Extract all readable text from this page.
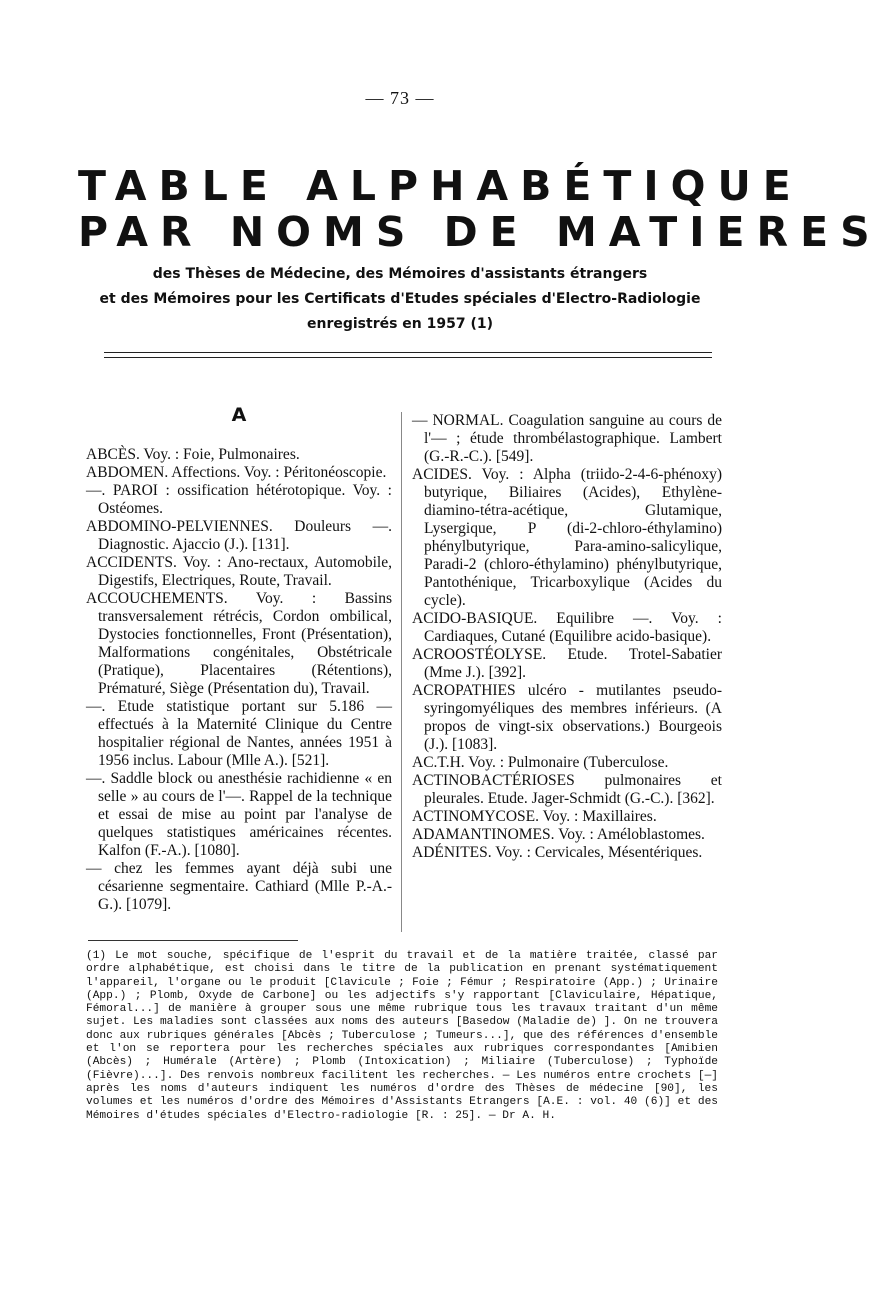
— 73 —
TABLE ALPHABÉTIQUE
PAR NOMS DE MATIERES
des Thèses de Médecine, des Mémoires d'assistants étrangers
et des Mémoires pour les Certificats d'Etudes spéciales d'Electro-Radiologie
enregistrés en 1957 (1)
A

ABCÈS. Voy. : Foie, Pulmonaires.

ABDOMEN. Affections. Voy. : Péritonéoscopie.

—. PAROI : ossification hétérotopique. Voy. : Ostéomes.

ABDOMINO-PELVIENNES. Douleurs —. Diagnostic. Ajaccio (J.). [131].

ACCIDENTS. Voy. : Ano-rectaux, Automobile, Digestifs, Electriques, Route, Travail.

ACCOUCHEMENTS. Voy. : Bassins transversalement rétrécis, Cordon ombilical, Dystocies fonctionnelles, Front (Présentation), Malformations congénitales, Obstétricale (Pratique), Placentaires (Rétentions), Prématuré, Siège (Présentation du), Travail.

—. Etude statistique portant sur 5.186 — effectués à la Maternité Clinique du Centre hospitalier régional de Nantes, années 1951 à 1956 inclus. Labour (Mlle A.). [521].

—. Saddle block ou anesthésie rachidienne « en selle » au cours de l'—. Rappel de la technique et essai de mise au point par l'analyse de quelques statistiques américaines récentes. Kalfon (F.-A.). [1080].

— chez les femmes ayant déjà subi une césarienne segmentaire. Cathiard (Mlle P.-A.-G.). [1079].

— NORMAL. Coagulation sanguine au cours de l'— ; étude thrombélastographique. Lambert (G.-R.-C.). [549].

ACIDES. Voy. : Alpha (triido-2-4-6-phénoxy) butyrique, Biliaires (Acides), Ethylène-diamino-tétra-acétique, Glutamique, Lysergique, P (di-2-chloro-éthylamino) phénylbutyrique, Para-amino-salicylique, Paradi-2 (chloro-éthylamino) phénylbutyrique, Pantothénique, Tricarboxylique (Acides du cycle).

ACIDO-BASIQUE. Equilibre —. Voy. : Cardiaques, Cutané (Equilibre acido-basique).

ACROOSTÉOLYSE. Etude. Trotel-Sabatier (Mme J.). [392].

ACROPATHIES ulcéro - mutilantes pseudo-syringomyéliques des membres inférieurs. (A propos de vingt-six observations.) Bourgeois (J.). [1083].

AC.T.H. Voy. : Pulmonaire (Tuberculose.

ACTINOBACTÉRIOSES pulmonaires et pleurales. Etude. Jager-Schmidt (G.-C.). [362].

ACTINOMYCOSE. Voy. : Maxillaires.

ADAMANTINOMES. Voy. : Améloblastomes.

ADÉNITES. Voy. : Cervicales, Mésentériques.

(1) Le mot souche, spécifique de l'esprit du travail et de la matière traitée, classé par ordre alphabétique, est choisi dans le titre de la publication en prenant systématiquement l'appareil, l'organe ou le produit [Clavicule ; Foie ; Fémur ; Respiratoire (App.) ; Urinaire (App.) ; Plomb, Oxyde de Carbone] ou les adjectifs s'y rapportant [Claviculaire, Hépatique, Fémoral...] de manière à grouper sous une même rubrique tous les travaux traitant d'un même sujet. Les maladies sont classées aux noms des auteurs [Basedow (Maladie de) ]. On ne trouvera donc aux rubriques générales [Abcès ; Tuberculose ; Tumeurs...], que des références d'ensemble et l'on se reportera pour les recherches spéciales aux rubriques correspondantes [Amibien (Abcès) ; Humérale (Artère) ; Plomb (Intoxication) ; Miliaire (Tuberculose) ; Typhoïde (Fièvre)...]. Des renvois nombreux facilitent les recherches. — Les numéros entre crochets [—] après les noms d'auteurs indiquent les numéros d'ordre des Thèses de médecine [90], les volumes et les numéros d'ordre des Mémoires d'Assistants Etrangers [A.E. : vol. 40 (6)] et des Mémoires d'études spéciales d'Electro-radiologie [R. : 25]. — Dr A. H.
